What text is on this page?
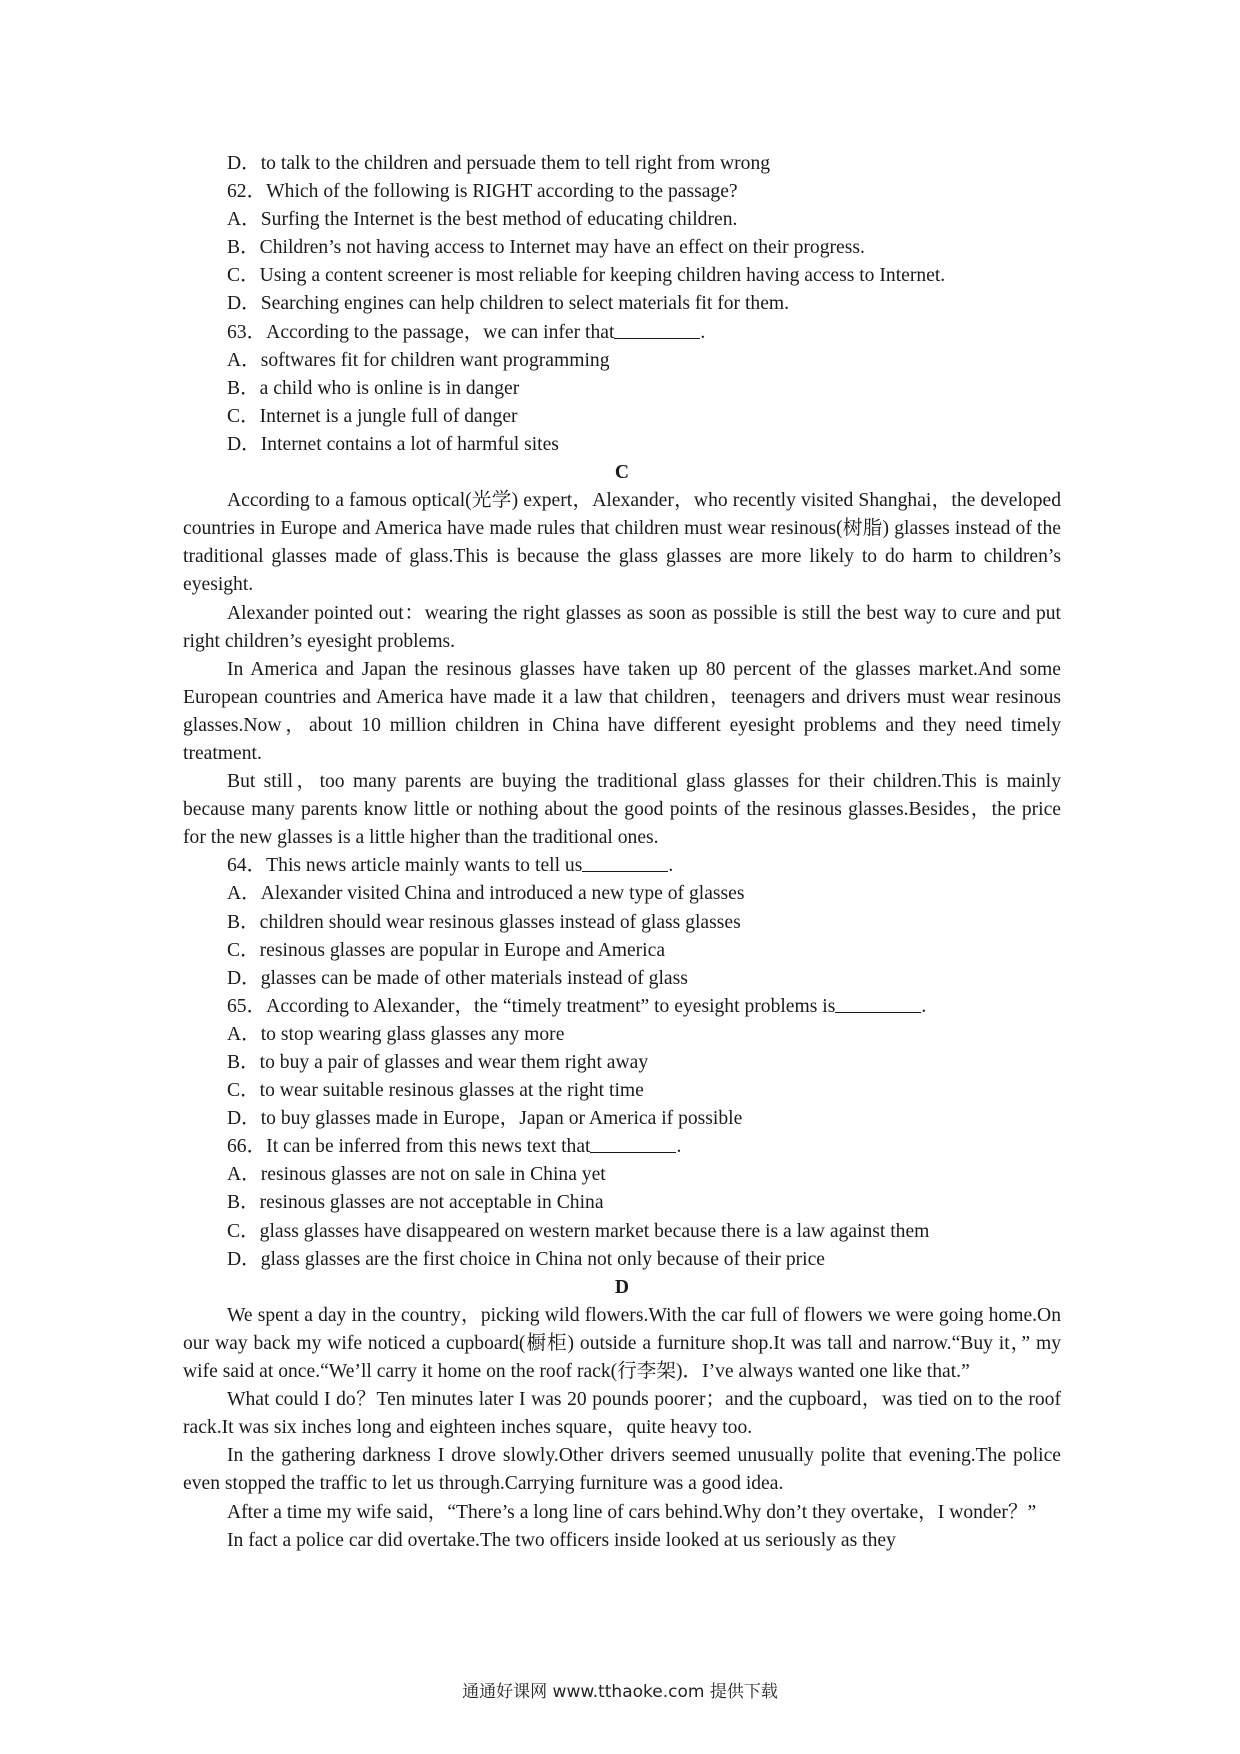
D．to talk to the children and persuade them to tell right from wrong
62．Which of the following is RIGHT according to the passage?
A．Surfing the Internet is the best method of educating children.
B．Children’s not having access to Internet may have an effect on their progress.
C．Using a content screener is most reliable for keeping children having access to Internet.
D．Searching engines can help children to select materials fit for them.
63．According to the passage，we can infer that	.
A．softwares fit for children want programming
B．a child who is online is in danger
C．Internet is a jungle full of danger
D．Internet contains a lot of harmful sites

C

According to a famous optical(光学) expert，Alexander，who recently visited Shanghai，the developed countries in Europe and America have made rules that children must wear resinous(树脂) glasses instead of the traditional glasses made of glass.This is because the glass glasses are more likely to do harm to children’s eyesight.

Alexander pointed out：wearing the right glasses as soon as possible is still the best way to cure and put right children’s eyesight problems.

In America and Japan the resinous glasses have taken up 80 percent of the glasses market.And some European countries and America have made it a law that children，teenagers and drivers must wear resinous glasses.Now，about 10 million children in China have different eyesight problems and they need timely treatment.

But still，too many parents are buying the traditional glass glasses for their children.This is mainly because many parents know little or nothing about the good points of the resinous glasses.Besides，the price for the new glasses is a little higher than the traditional ones.

64．This news article mainly wants to tell us	.
A．Alexander visited China and introduced a new type of glasses
B．children should wear resinous glasses instead of glass glasses
C．resinous glasses are popular in Europe and America
D．glasses can be made of other materials instead of glass
65．According to Alexander，the “timely treatment” to eyesight problems is	.
A．to stop wearing glass glasses any more
B．to buy a pair of glasses and wear them right away
C．to wear suitable resinous glasses at the right time
D．to buy glasses made in Europe，Japan or America if possible
66．It can be inferred from this news text that	.
A．resinous glasses are not on sale in China yet
B．resinous glasses are not acceptable in China
C．glass glasses have disappeared on western market because there is a law against them
D．glass glasses are the first choice in China not only because of their price

D

We spent a day in the country，picking wild flowers.With the car full of flowers we were going home.On our way back my wife noticed a cupboard(橱柜) outside a furniture shop.It was tall and narrow.“Buy it，” my wife said at once.“We’ll carry it home on the roof rack(行李架)．I’ve always wanted one like that.”

What could I do？Ten minutes later I was 20 pounds poorer；and the cupboard，was tied on to the roof rack.It was six inches long and eighteen inches square，quite heavy too.

In the gathering darkness I drove slowly.Other drivers seemed unusually polite that evening.The police even stopped the traffic to let us through.Carrying furniture was a good idea.

After a time my wife said，“There’s a long line of cars behind.Why don’t they overtake，I wonder？”

In fact a police car did overtake.The two officers inside looked at us seriously as they

通通好课网 www.tthaoke.com 提供下载
